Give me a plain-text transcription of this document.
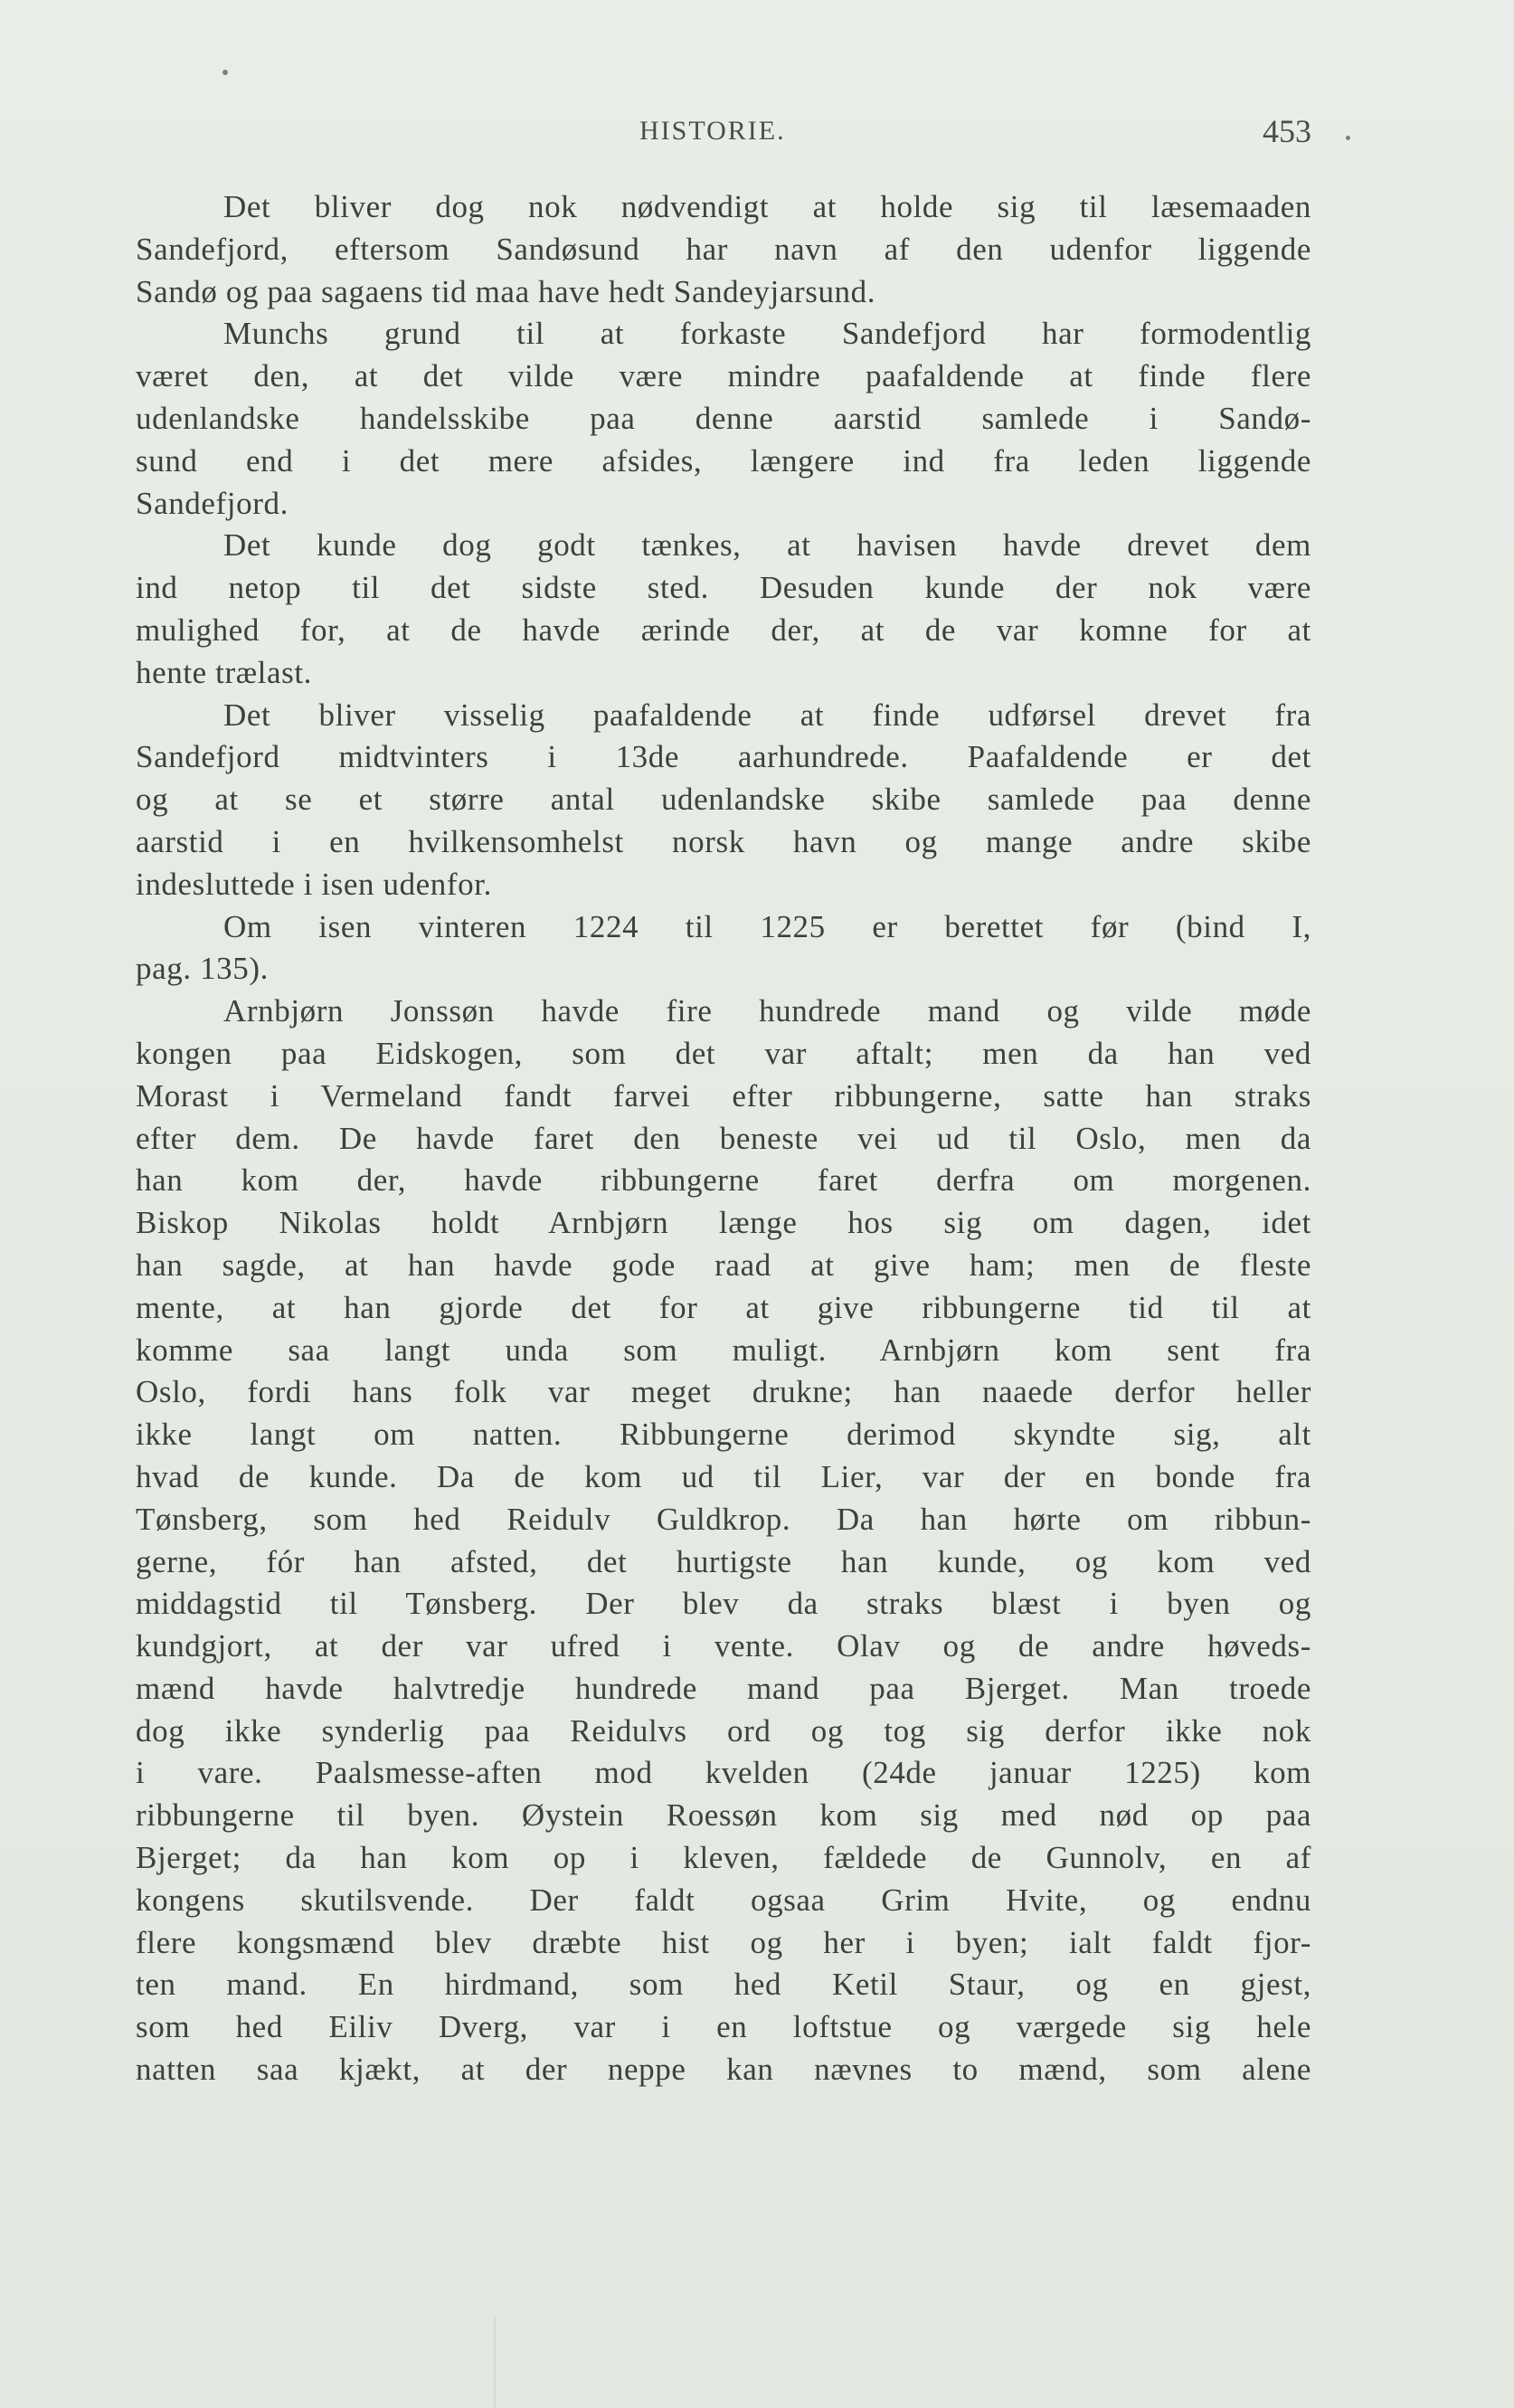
HISTORIE.	453
Det bliver dog nok nødvendigt at holde sig til læsemaaden
Sandefjord, eftersom Sandøsund har navn af den udenfor liggende
Sandø og paa sagaens tid maa have hedt Sandeyjarsund.
Munchs grund til at forkaste Sandefjord har formodentlig
været den, at det vilde være mindre paafaldende at finde flere
udenlandske handelsskibe paa denne aarstid samlede i Sandø-
sund end i det mere afsides, længere ind fra leden liggende
Sandefjord.
Det kunde dog godt tænkes, at havisen havde drevet dem
ind netop til det sidste sted. Desuden kunde der nok være
mulighed for, at de havde ærinde der, at de var komne for at
hente trælast.
Det bliver visselig paafaldende at finde udførsel drevet fra
Sandefjord midtvinters i 13de aarhundrede. Paafaldende er det
og at se et større antal udenlandske skibe samlede paa denne
aarstid i en hvilkensomhelst norsk havn og mange andre skibe
indesluttede i isen udenfor.
Om isen vinteren 1224 til 1225 er berettet før (bind I,
pag. 135).
Arnbjørn Jonssøn havde fire hundrede mand og vilde møde
kongen paa Eidskogen, som det var aftalt; men da han ved
Morast i Vermeland fandt farvei efter ribbungerne, satte han straks
efter dem. De havde faret den beneste vei ud til Oslo, men da
han kom der, havde ribbungerne faret derfra om morgenen.
Biskop Nikolas holdt Arnbjørn længe hos sig om dagen, idet
han sagde, at han havde gode raad at give ham; men de fleste
mente, at han gjorde det for at give ribbungerne tid til at
komme saa langt unda som muligt. Arnbjørn kom sent fra
Oslo, fordi hans folk var meget drukne; han naaede derfor heller
ikke langt om natten. Ribbungerne derimod skyndte sig, alt
hvad de kunde. Da de kom ud til Lier, var der en bonde fra
Tønsberg, som hed Reidulv Guldkrop. Da han hørte om ribbun-
gerne, fór han afsted, det hurtigste han kunde, og kom ved
middagstid til Tønsberg. Der blev da straks blæst i byen og
kundgjort, at der var ufred i vente. Olav og de andre høveds-
mænd havde halvtredje hundrede mand paa Bjerget. Man troede
dog ikke synderlig paa Reidulvs ord og tog sig derfor ikke nok
i vare. Paalsmesse-aften mod kvelden (24de januar 1225) kom
ribbungerne til byen. Øystein Roessøn kom sig med nød op paa
Bjerget; da han kom op i kleven, fældede de Gunnolv, en af
kongens skutilsvende. Der faldt ogsaa Grim Hvite, og endnu
flere kongsmænd blev dræbte hist og her i byen; ialt faldt fjor-
ten mand. En hirdmand, som hed Ketil Staur, og en gjest,
som hed Eiliv Dverg, var i en loftstue og værgede sig hele
natten saa kjækt, at der neppe kan nævnes to mænd, som alene
